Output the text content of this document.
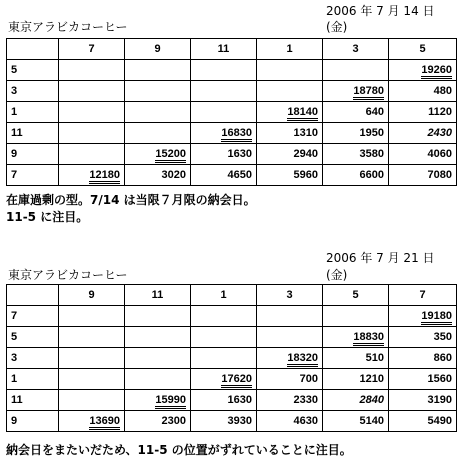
2006 年 7 月 14 日
東京アラビカコーヒー	(金)
	7	9	11	1	3	5
5						19260
3					18780	480
1				18140	640	1120
11			16830	1310	1950	2430
9		15200	1630	2940	3580	4060
7	12180	3020	4650	5960	6600	7080
在庫過剰の型。7/14 は当限７月限の納会日。
11-5 に注目。
2006 年 7 月 21 日
東京アラビカコーヒー	(金)
	9	11	1	3	5	7
7						19180
5					18830	350
3				18320	510	860
1			17620	700	1210	1560
11		15990	1630	2330	2840	3190
9	13690	2300	3930	4630	5140	5490
納会日をまたいだため、11-5 の位置がずれていることに注目。
